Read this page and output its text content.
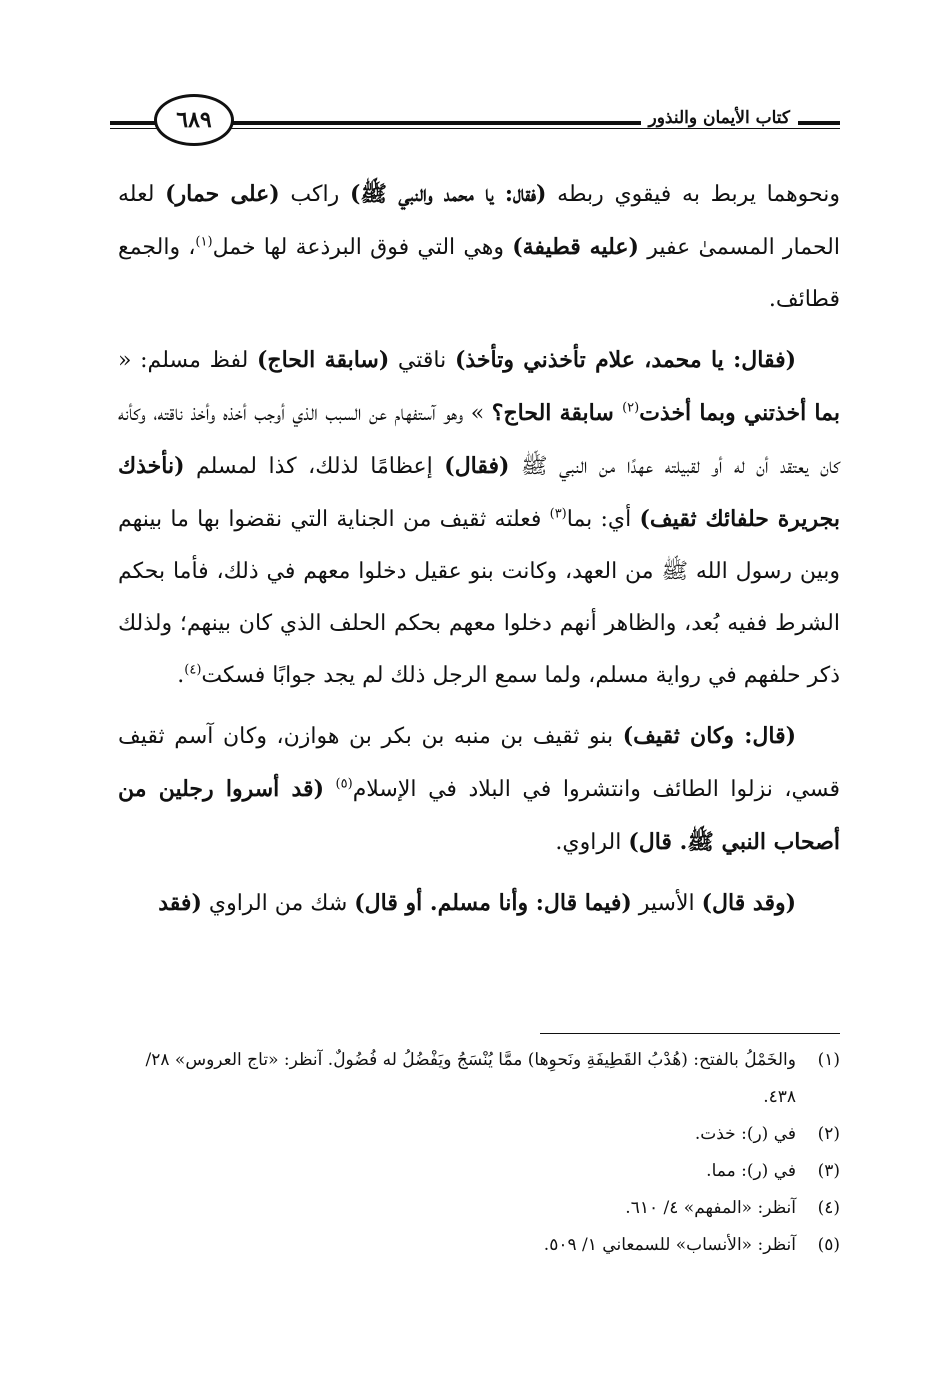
٦٨٩	كتاب الأيمان والنذور

ونحوهما يربط به فيقوي ربطه (فقال: يا محمد والنبي ﷺ) راكب (على حمار) لعله الحمار المسمىٰ عفير (عليه قطيفة) وهي التي فوق البرذعة لها خمل$^{(١)}$، والجمع قطائف.

(فقال: يا محمد، علام تأخذني وتأخذ) ناقتي (سابقة الحاج) لفظ مسلم: « بما أخذتني وبما أخذت$^{(٢)}$ سابقة الحاج؟ » وهو آستفهام عن السبب الذي أوجب أخذه وأخذ ناقته، وكأنه كان يعتقد أن له أو لقبيلته عهدًا من النبي ﷺ (فقال) إعظامًا لذلك، كذا لمسلم (نأخذك بجريرة حلفائك ثقيف) أي: بما$^{(٣)}$ فعلته ثقيف من الجناية التي نقضوا بها ما بينهم وبين رسول الله ﷺ من العهد، وكانت بنو عقيل دخلوا معهم في ذلك، فأما بحكم الشرط ففيه بُعد، والظاهر أنهم دخلوا معهم بحكم الحلف الذي كان بينهم؛ ولذلك ذكر حلفهم في رواية مسلم، ولما سمع الرجل ذلك لم يجد جوابًا فسكت$^{(٤)}$.

(قال: وكان ثقيف) بنو ثقيف بن منبه بن بكر بن هوازن، وكان آسم ثقيف قسي، نزلوا الطائف وانتشروا في البلاد في الإسلام$^{(٥)}$ (قد أسروا رجلين من أصحاب النبي ﷺ. قال) الراوي.

(وقد قال) الأسير (فيما قال: وأنا مسلم. أو قال) شك من الراوي (فقد

(١)
والخَمْلُ بالفتح: (هُدْبُ القَطِيفَةِ ونَحوِها) ممَّا يُنْسَجُ ويَفْضُلُ له فُضُولٌ. آنظر: «تاج العروس» ٢٨/ ٤٣٨.
(٢)
في (ر): خذت.
(٣)
في (ر): مما.
(٤)
آنظر: «المفهم» ٤/ ٦١٠.
(٥)
آنظر: «الأنساب» للسمعاني ١/ ٥٠٩.
